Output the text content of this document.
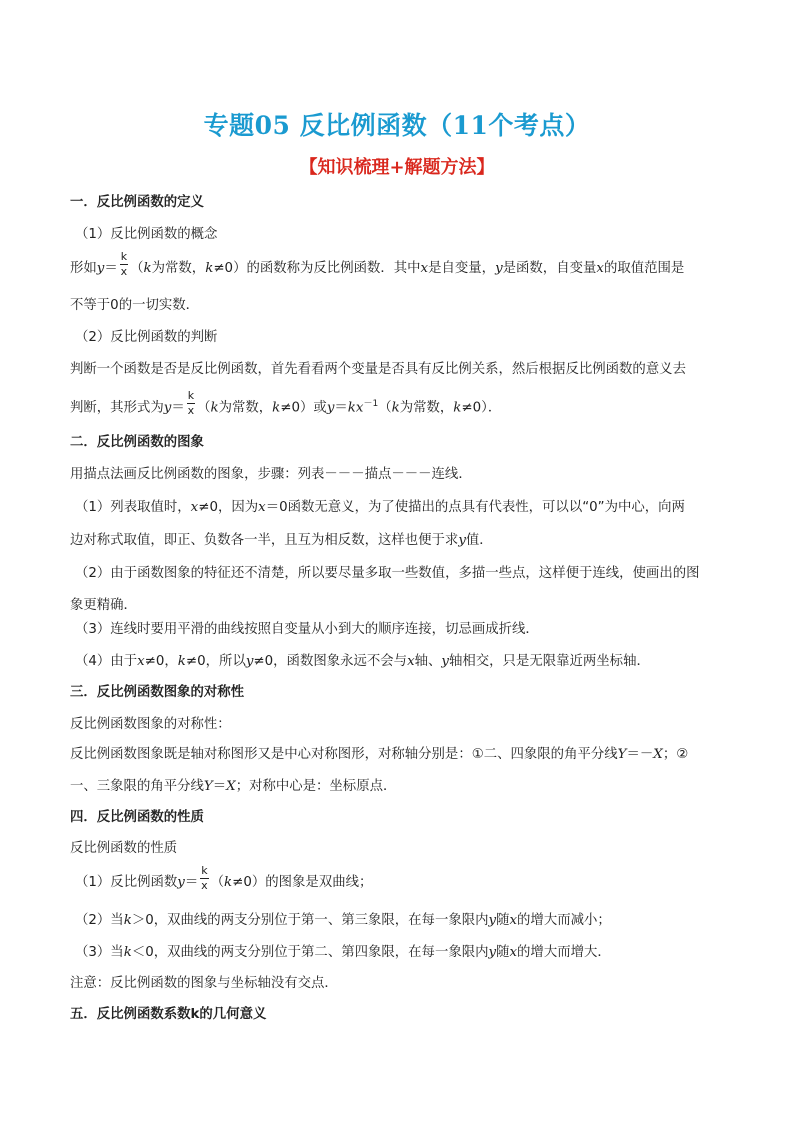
专题05 反比例函数（11个考点）
【知识梳理+解题方法】
一．反比例函数的定义
（1）反比例函数的概念
形如$y= \frac{k}{x} (k$为常数，k≠0）的函数称为反比例函数．其中x是自变量，y是函数，自变量x的取值范围是
不等于0的一切实数．
（2）反比例函数的判断
判断一个函数是否是反比例函数，首先看看两个变量是否具有反比例关系，然后根据反比例函数的意义去
判断，其形式为$y= \frac{k}{x} (k$为常数，k≠0）或$y=kx^{-1}(k$为常数，k≠0）．
二．反比例函数的图象
用描点法画反比例函数的图象，步骤：列表－－－描点－－－连线．
（1）列表取值时，x≠0，因为x＝0函数无意义，为了使描出的点具有代表性，可以以“0”为中心，向两
边对称式取值，即正、负数各一半，且互为相反数，这样也便于求y值．
（2）由于函数图象的特征还不清楚，所以要尽量多取一些数值，多描一些点，这样便于连线，使画出的图
象更精确．
（3）连线时要用平滑的曲线按照自变量从小到大的顺序连接，切忌画成折线．
（4）由于x≠0，k≠0，所以y≠0，函数图象永远不会与x轴、y轴相交，只是无限靠近两坐标轴．
三．反比例函数图象的对称性
反比例函数图象的对称性：
反比例函数图象既是轴对称图形又是中心对称图形，对称轴分别是：①二、四象限的角平分线Y＝－X；②
一、三象限的角平分线Y＝X；对称中心是：坐标原点．
四．反比例函数的性质
反比例函数的性质
（1）反比例函数$y= \frac{k}{x} (k\ne 0)$的图象是双曲线；
（2）当k＞0，双曲线的两支分别位于第一、第三象限，在每一象限内y随x的增大而减小；
（3）当k＜0，双曲线的两支分别位于第二、第四象限，在每一象限内y随x的增大而增大．
注意：反比例函数的图象与坐标轴没有交点．
五．反比例函数系数k的几何意义
